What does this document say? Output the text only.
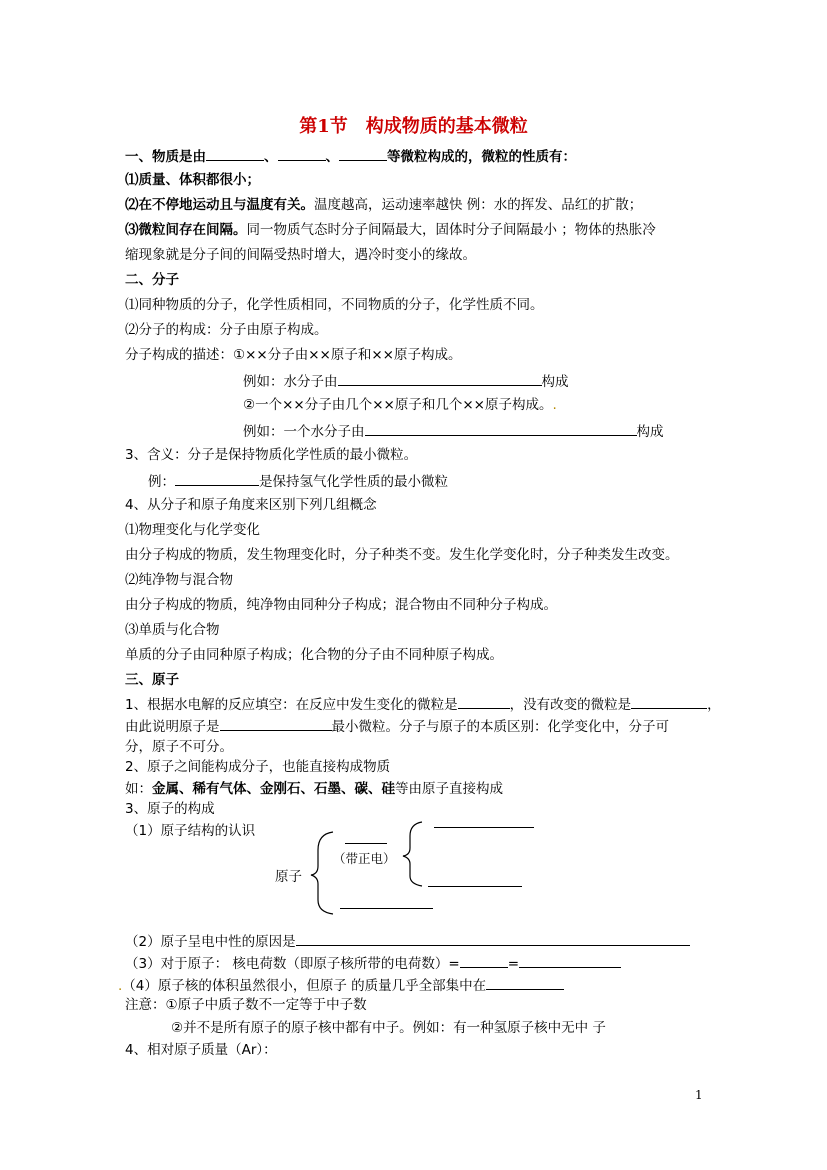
第1节　构成物质的基本微粒
一、物质是由	、	、	等微粒构成的，微粒的性质有：
⑴质量、体积都很小；
⑵在不停地运动且与温度有关。温度越高，运动速率越快 例：水的挥发、品红的扩散；
⑶微粒间存在间隔。同一物质气态时分子间隔最大，固体时分子间隔最小 ；物体的热胀冷
缩现象就是分子间的间隔受热时增大，遇冷时变小的缘故。
二、分子
⑴同种物质的分子，化学性质相同，不同物质的分子，化学性质不同。
⑵分子的构成：分子由原子构成。
分子构成的描述：①××分子由××原子和××原子构成。
例如：水分子由	构成
②一个××分子由几个××原子和几个××原子构成。.
例如：一个水分子由	构成
3、含义：分子是保持物质化学性质的最小微粒。
例：	是保持氢气化学性质的最小微粒
4、从分子和原子角度来区别下列几组概念
⑴物理变化与化学变化
由分子构成的物质，发生物理变化时，分子种类不变。发生化学变化时，分子种类发生改变。
⑵纯净物与混合物
由分子构成的物质，纯净物由同种分子构成；混合物由不同种分子构成。
⑶单质与化合物
单质的分子由同种原子构成；化合物的分子由不同种原子构成。
三、原子
1、根据水电解的反应填空：在反应中发生变化的微粒是	，没有改变的微粒是	，
由此说明原子是	最小微粒。分子与原子的本质区别：化学变化中，分子可
分，原子不可分。
2、原子之间能构成分子，也能直接构成物质
如：金属、稀有气体、金刚石、石墨、碳、硅等由原子直接构成
3、原子的构成
（1）原子结构的认识
原子
（带正电）
（2）原子呈电中性的原因是
（3）对于原子： 核电荷数（即原子核所带的电荷数）=	=
.（4）原子核的体积虽然很小，但原子 的质量几乎全部集中在
注意：①原子中质子数不一定等于中子数
②并不是所有原子的原子核中都有中子。例如：有一种氢原子核中无中 子
4、相对原子质量（Ar）：
1
